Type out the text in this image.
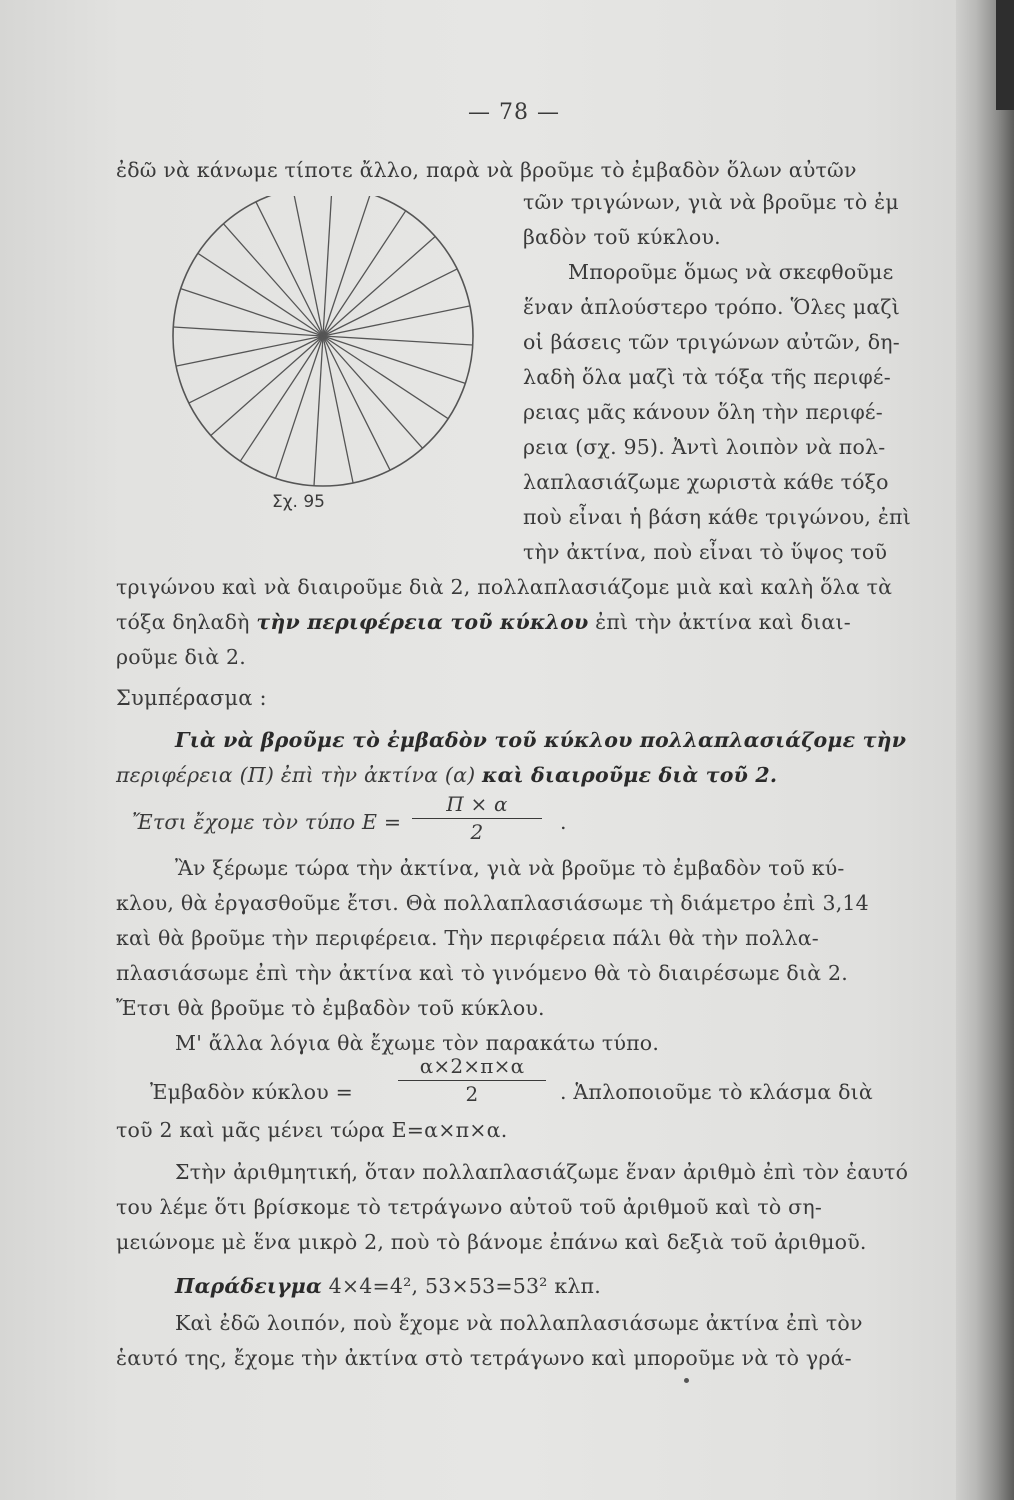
— 78 —
Σχ. 95
ἐδῶ νὰ κάνωμε τίποτε ἄλλο, παρὰ νὰ βροῦμε τὸ ἐμβαδὸν ὅλων αὐτῶν
τῶν τριγώνων, γιὰ νὰ βροῦμε τὸ ἐμ
βαδὸν τοῦ κύκλου.
Μποροῦμε ὅμως νὰ σκεφθοῦμε
ἕναν ἁπλούστερο τρόπο. Ὅλες μαζὶ
οἱ βάσεις τῶν τριγώνων αὐτῶν, δη-
λαδὴ ὅλα μαζὶ τὰ τόξα τῆς περιφέ-
ρειας μᾶς κάνουν ὅλη τὴν περιφέ-
ρεια (σχ. 95). Ἀντὶ λοιπὸν νὰ πολ-
λαπλασιάζωμε χωριστὰ κάθε τόξο
ποὺ εἶναι ἡ βάση κάθε τριγώνου, ἐπὶ
τὴν ἀκτίνα, ποὺ εἶναι τὸ ὕψος τοῦ
τριγώνου καὶ νὰ διαιροῦμε διὰ 2, πολλαπλασιάζομε μιὰ καὶ καλὴ ὅλα τὰ
τόξα δηλαδὴ τὴν περιφέρεια τοῦ κύκλου ἐπὶ τὴν ἀκτίνα καὶ διαι-
ροῦμε διὰ 2.
Συμπέρασμα :
Γιὰ νὰ βροῦμε τὸ ἐμβαδὸν τοῦ κύκλου πολλαπλασιάζομε τὴν
περιφέρεια (Π) ἐπὶ τὴν ἀκτίνα (α) καὶ διαιροῦμε διὰ τοῦ 2.
Ἔτσι ἔχομε τὸν τύπο Ε =
Π × α
2	.
Ἂν ξέρωμε τώρα τὴν ἀκτίνα, γιὰ νὰ βροῦμε τὸ ἐμβαδὸν τοῦ κύ-
κλου, θὰ ἐργασθοῦμε ἔτσι. Θὰ πολλαπλασιάσωμε τὴ διάμετρο ἐπὶ 3,14
καὶ θὰ βροῦμε τὴν περιφέρεια. Τὴν περιφέρεια πάλι θὰ τὴν πολλα-
πλασιάσωμε ἐπὶ τὴν ἀκτίνα καὶ τὸ γινόμενο θὰ τὸ διαιρέσωμε διὰ 2.
Ἔτσι θὰ βροῦμε τὸ ἐμβαδὸν τοῦ κύκλου.
Μ' ἄλλα λόγια θὰ ἔχωμε τὸν παρακάτω τύπο.
Ἐμβαδὸν κύκλου =
α×2×π×α
2	. Ἁπλοποιοῦμε τὸ κλάσμα διὰ
τοῦ 2 καὶ μᾶς μένει τώρα Ε=α×π×α.
Στὴν ἀριθμητική, ὅταν πολλαπλασιάζωμε ἕναν ἀριθμὸ ἐπὶ τὸν ἑαυτό
του λέμε ὅτι βρίσκομε τὸ τετράγωνο αὐτοῦ τοῦ ἀριθμοῦ καὶ τὸ ση-
μειώνομε μὲ ἕνα μικρὸ 2, ποὺ τὸ βάνομε ἐπάνω καὶ δεξιὰ τοῦ ἀριθμοῦ.
Παράδειγμα 4×4=4², 53×53=53² κλπ.
Καὶ ἐδῶ λοιπόν, ποὺ ἔχομε νὰ πολλαπλασιάσωμε ἀκτίνα ἐπὶ τὸν
ἑαυτό της, ἔχομε τὴν ἀκτίνα στὸ τετράγωνο καὶ μποροῦμε νὰ τὸ γρά-
